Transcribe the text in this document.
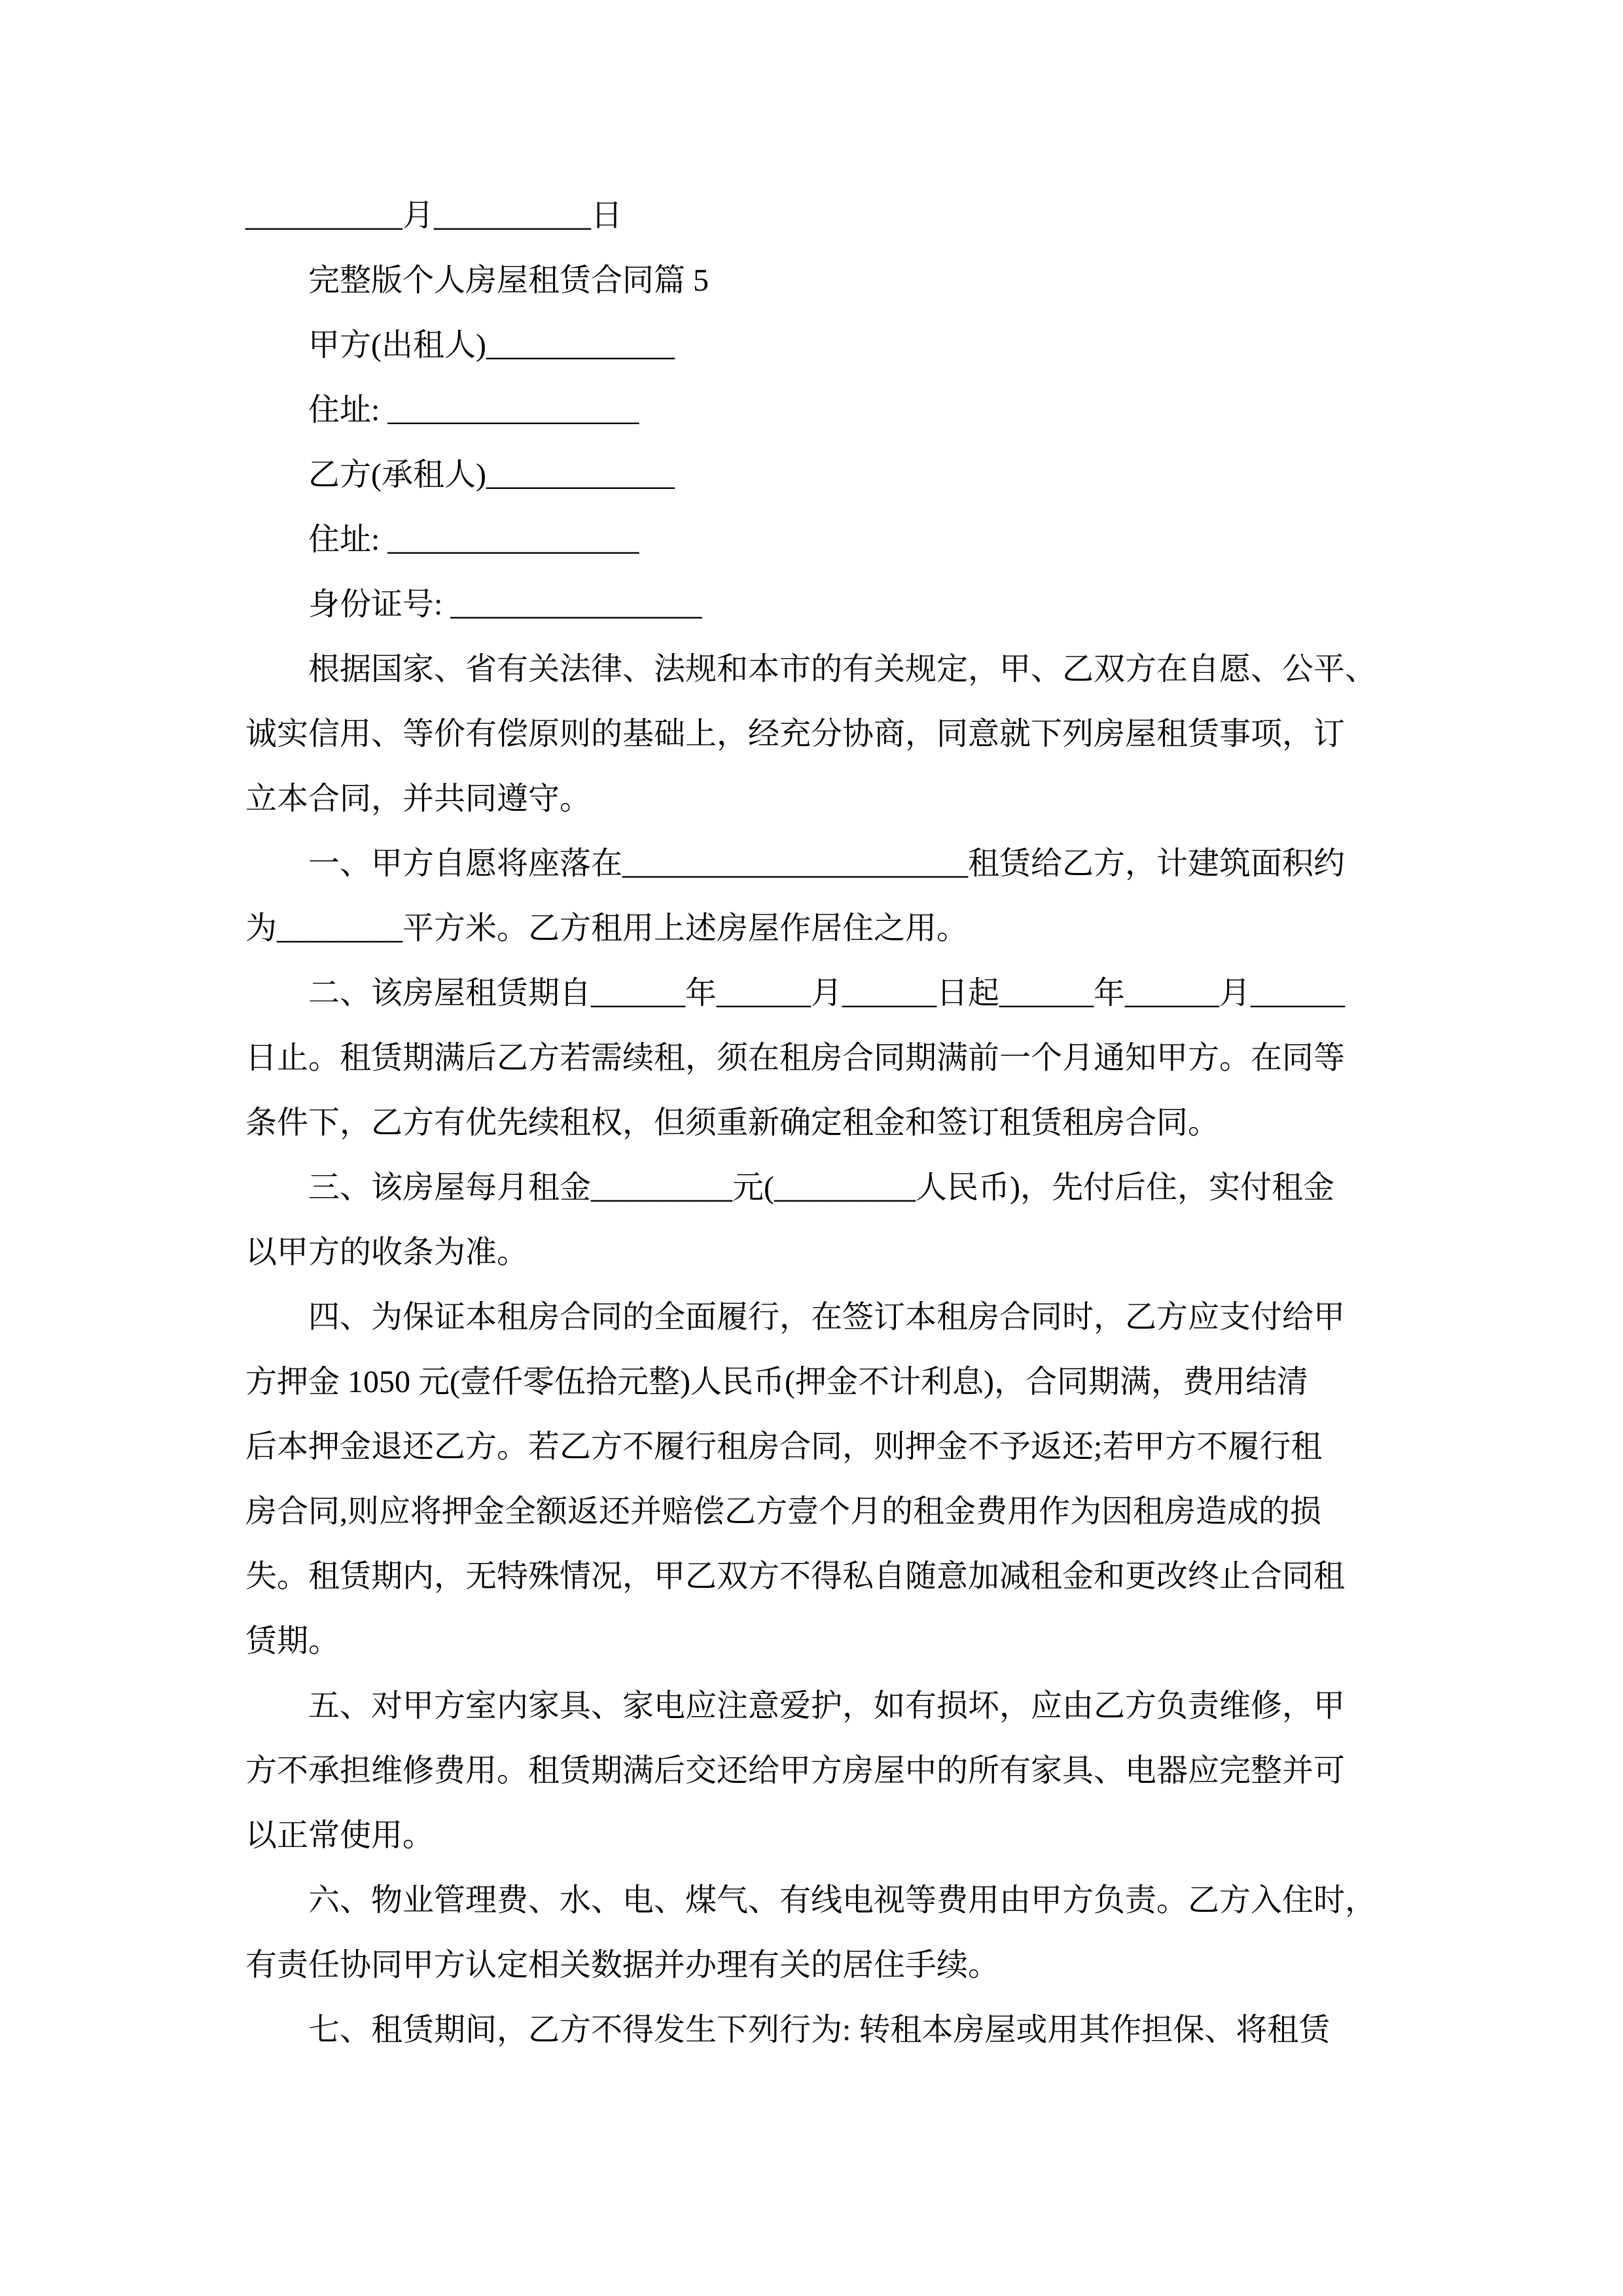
__________月__________日
完整版个人房屋租赁合同篇 5
甲方(出租人)____________
住址: ________________
乙方(承租人)____________
住址: ________________
身份证号: ________________
根据国家、省有关法律、法规和本市的有关规定，甲、乙双方在自愿、公平、
诚实信用、等价有偿原则的基础上，经充分协商，同意就下列房屋租赁事项，订
立本合同，并共同遵守。
一、甲方自愿将座落在______________________租赁给乙方，计建筑面积约
为________平方米。乙方租用上述房屋作居住之用。
二、该房屋租赁期自______年______月______日起______年______月______
日止。租赁期满后乙方若需续租，须在租房合同期满前一个月通知甲方。在同等
条件下，乙方有优先续租权，但须重新确定租金和签订租赁租房合同。
三、该房屋每月租金_________元(_________人民币)，先付后住，实付租金
以甲方的收条为准。
四、为保证本租房合同的全面履行，在签订本租房合同时，乙方应支付给甲
方押金 1050 元(壹仟零伍拾元整)人民币(押金不计利息)，合同期满，费用结清
后本押金退还乙方。若乙方不履行租房合同，则押金不予返还;若甲方不履行租
房合同,则应将押金全额返还并赔偿乙方壹个月的租金费用作为因租房造成的损
失。租赁期内，无特殊情况，甲乙双方不得私自随意加减租金和更改终止合同租
赁期。
五、对甲方室内家具、家电应注意爱护，如有损坏，应由乙方负责维修，甲
方不承担维修费用。租赁期满后交还给甲方房屋中的所有家具、电器应完整并可
以正常使用。
六、物业管理费、水、电、煤气、有线电视等费用由甲方负责。乙方入住时，
有责任协同甲方认定相关数据并办理有关的居住手续。
七、租赁期间，乙方不得发生下列行为: 转租本房屋或用其作担保、将租赁
